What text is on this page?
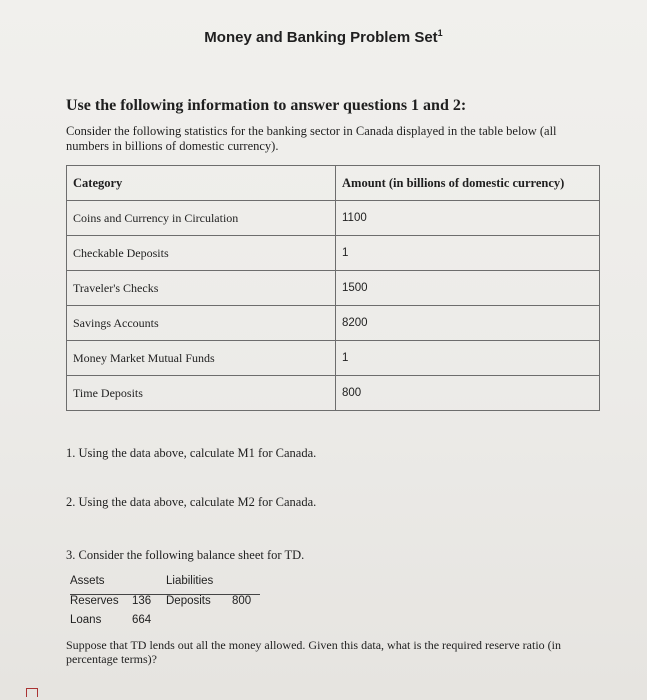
Money and Banking Problem Set$^1$
Use the following information to answer questions 1 and 2:
Consider the following statistics for the banking sector in Canada displayed in the table below (all numbers in billions of domestic currency).
Category	Amount (in billions of domestic currency)
Coins and Currency in Circulation	1100
Checkable Deposits	1
Traveler's Checks	1500
Savings Accounts	8200
Money Market Mutual Funds	1
Time Deposits	800
1. Using the data above, calculate M1 for Canada.
2. Using the data above, calculate M2 for Canada.
3. Consider the following balance sheet for TD.
Assets	Liabilities
Reserves 136 Deposits 800
Loans	664
Suppose that TD lends out all the money allowed. Given this data, what is the required reserve ratio (in percentage terms)?
